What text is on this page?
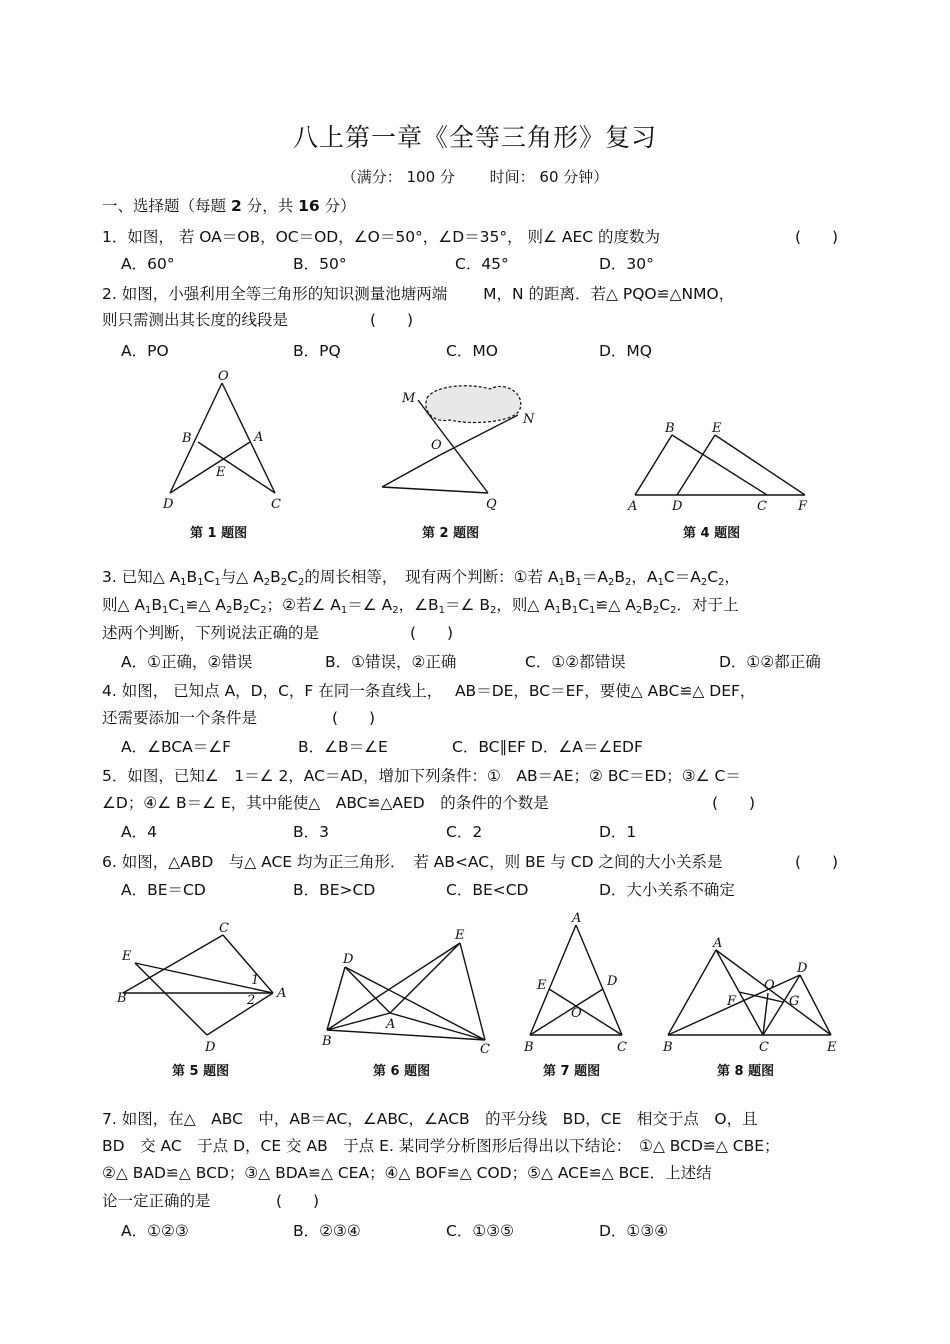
八上第一章《全等三角形》复习
（满分： 100 分　　 时间： 60 分钟）
一、选择题（每题 2 分，共 16 分）
1．如图， 若 OA＝OB，OC＝OD，∠O＝50°，∠D＝35°， 则∠ AEC 的度数为	(　　)
A．60°	B．50°	C．45°	D．30°
2. 如图，小强利用全等三角形的知识测量池塘两端　　 M，N 的距离．若△ PQO≌△NMO，
则只需测出其长度的线段是	(　　)
A．PO	B．PQ	C．MO	D．MQ
O
B	A
E
D	C
第 1 题图
M
N
O
Q
第 2 题图
B	E
A	D	C F
第 4 题图
3. 已知△ $A_1B_1C_1$与△ $A_2B_2C_2$的周长相等，　现有两个判断：①若 $A_1B_1=A_2B_2$，$A_1C=A_2C_2$，
则△ $A_1B_1C_1≌\triangle$ $A_2B_2C_2$；②若∠ $A_1=\angle$ $A_2$，$\angle B_1=\angle$ $B_2$，则△ $A_1B_1C_1≌\triangle$ $A_2B_2C_2$．对于上
述两个判断，下列说法正确的是	(　　)
A．①正确，②错误	B．①错误，②正确	C．①②都错误	D．①②都正确
4. 如图， 已知点 A，D，C，F 在同一条直线上，　 AB＝DE，BC＝EF，要使△ ABC≌△ DEF，
还需要添加一个条件是	(　　)
A．∠BCA＝∠F	B．∠B＝∠E	C．BC∥EF D．∠A＝∠EDF
5．如图，已知∠　1＝∠ 2，AC＝AD，增加下列条件：①　AB＝AE；② BC＝ED；③∠ C＝
∠D；④∠ B＝∠ E，其中能使△　ABC≌△AED　的条件的个数是	(　　)
A．4	B．3	C．2	D．1
6. 如图，△ABD　与△ ACE 均为正三角形．　若 AB<AC，则 BE 与 CD 之间的大小关系是	(　　)
A．BE＝CD	B．BE>CD	C．BE<CD	D．大小关系不确定
C
E
1
B	2 A
D
第 5 题图
E
D
A
B
C
第 6 题图
A
E	D
O
B	C
第 7 题图
A
D
O
F	G
B	C	E
第 8 题图
7. 如图，在△　ABC　中，AB＝AC，∠ABC，∠ACB　的平分线　BD，CE　相交于点　O，且
BD　交 AC　于点 D，CE 交 AB　于点 E. 某同学分析图形后得出以下结论：　①△ BCD≌△ CBE；
②△ BAD≌△ BCD；③△ BDA≌△ CEA；④△ BOF≌△ COD；⑤△ ACE≌△ BCE．上述结
论一定正确的是	(　　)
A．①②③	B．②③④	C．①③⑤	D．①③④
